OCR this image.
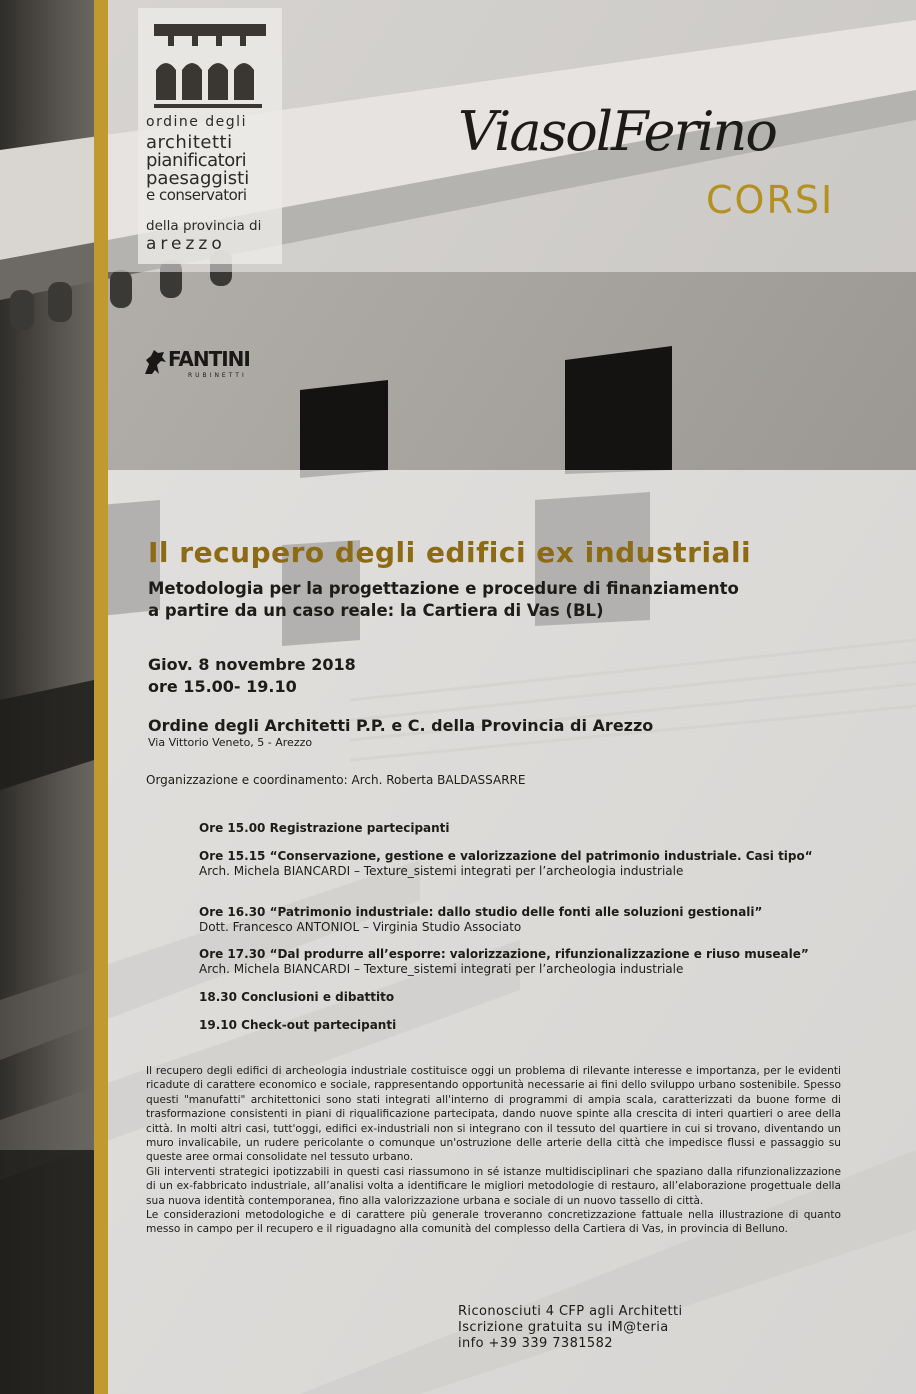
ordine degli
architetti
pianificatori
paesaggisti
e conservatori
della provincia di
arezzo
ViasolFerino
CORSI
FANTINI
RUBINETTI
Il recupero degli edifici ex industriali
Metodologia per la progettazione e procedure di finanziamento
a partire da un caso reale: la Cartiera di Vas (BL)
Giov. 8 novembre 2018
ore 15.00- 19.10
Ordine degli Architetti P.P. e C. della Provincia di Arezzo
Via Vittorio Veneto, 5 - Arezzo
Organizzazione e coordinamento: Arch. Roberta BALDASSARRE
Ore 15.00 Registrazione partecipanti
Ore 15.15 “Conservazione, gestione e valorizzazione del patrimonio industriale. Casi tipo“
Arch. Michela BIANCARDI – Texture_sistemi integrati per l’archeologia industriale
Ore 16.30 “Patrimonio industriale: dallo studio delle fonti alle soluzioni gestionali”
Dott. Francesco ANTONIOL – Virginia Studio Associato
Ore 17.30 “Dal produrre all’esporre: valorizzazione, rifunzionalizzazione e riuso museale”
Arch. Michela BIANCARDI – Texture_sistemi integrati per l’archeologia industriale
18.30 Conclusioni e dibattito
19.10 Check-out partecipanti

Il recupero degli edifici di archeologia industriale costituisce oggi un problema di rilevante interesse e importanza, per le evidenti ricadute di carattere economico e sociale, rappresentando opportunità necessarie ai fini dello sviluppo urbano sostenibile. Spesso questi "manufatti" architettonici sono stati integrati all'interno di programmi di ampia scala, caratterizzati da buone forme di trasformazione consistenti in piani di riqualificazione partecipata, dando nuove spinte alla crescita di interi quartieri o aree della città. In molti altri casi, tutt'oggi, edifici ex-industriali non si integrano con il tessuto del quartiere in cui si trovano, diventando un muro invalicabile, un rudere pericolante o comunque un'ostruzione delle arterie della città che impedisce flussi e passaggio su queste aree ormai consolidate nel tessuto urbano.

Gli interventi strategici ipotizzabili in questi casi riassumono in sé istanze multidisciplinari che spaziano dalla rifunzionalizzazione di un ex-fabbricato industriale, all’analisi volta a identificare le migliori metodologie di restauro, all’elaborazione progettuale della sua nuova identità contemporanea, fino alla valorizzazione urbana e sociale di un nuovo tassello di città.

Le considerazioni metodologiche e di carattere più generale troveranno concretizzazione fattuale nella illustrazione di quanto messo in campo per il recupero e il riguadagno alla comunità del complesso della Cartiera di Vas, in provincia di Belluno.

Riconosciuti 4 CFP agli Architetti
Iscrizione gratuita su iM@teria
info +39 339 7381582
